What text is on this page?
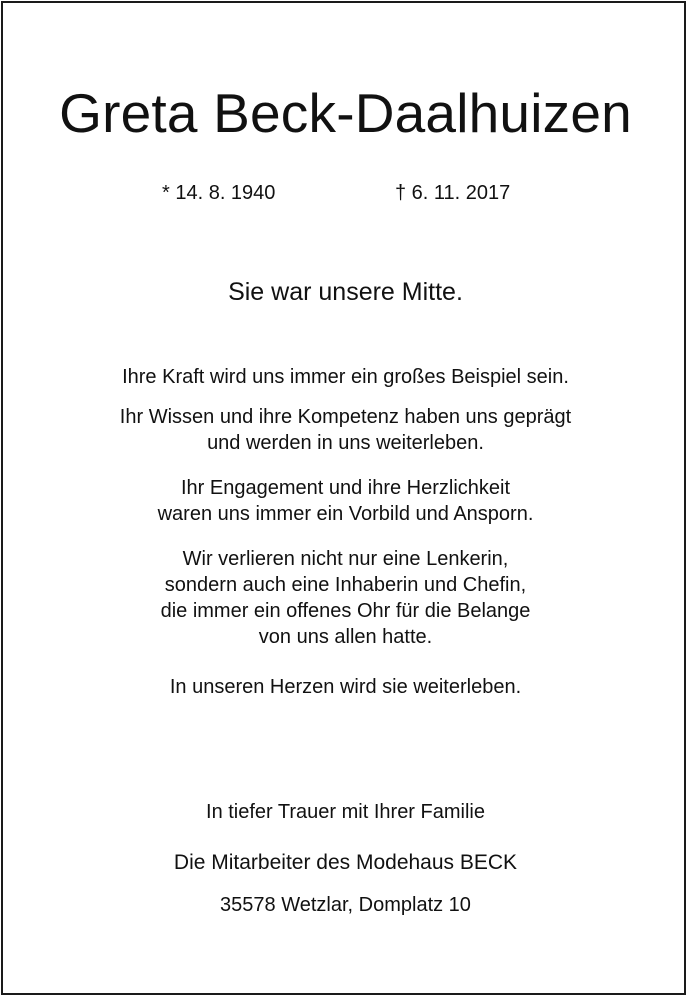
Greta Beck-Daalhuizen
* 14. 8. 1940	† 6. 11. 2017
Sie war unsere Mitte.
Ihre Kraft wird uns immer ein großes Beispiel sein.
Ihr Wissen und ihre Kompetenz haben uns geprägt
und werden in uns weiterleben.
Ihr Engagement und ihre Herzlichkeit
waren uns immer ein Vorbild und Ansporn.
Wir verlieren nicht nur eine Lenkerin,
sondern auch eine Inhaberin und Chefin,
die immer ein offenes Ohr für die Belange
von uns allen hatte.
In unseren Herzen wird sie weiterleben.
In tiefer Trauer mit Ihrer Familie
Die Mitarbeiter des Modehaus BECK
35578 Wetzlar, Domplatz 10
